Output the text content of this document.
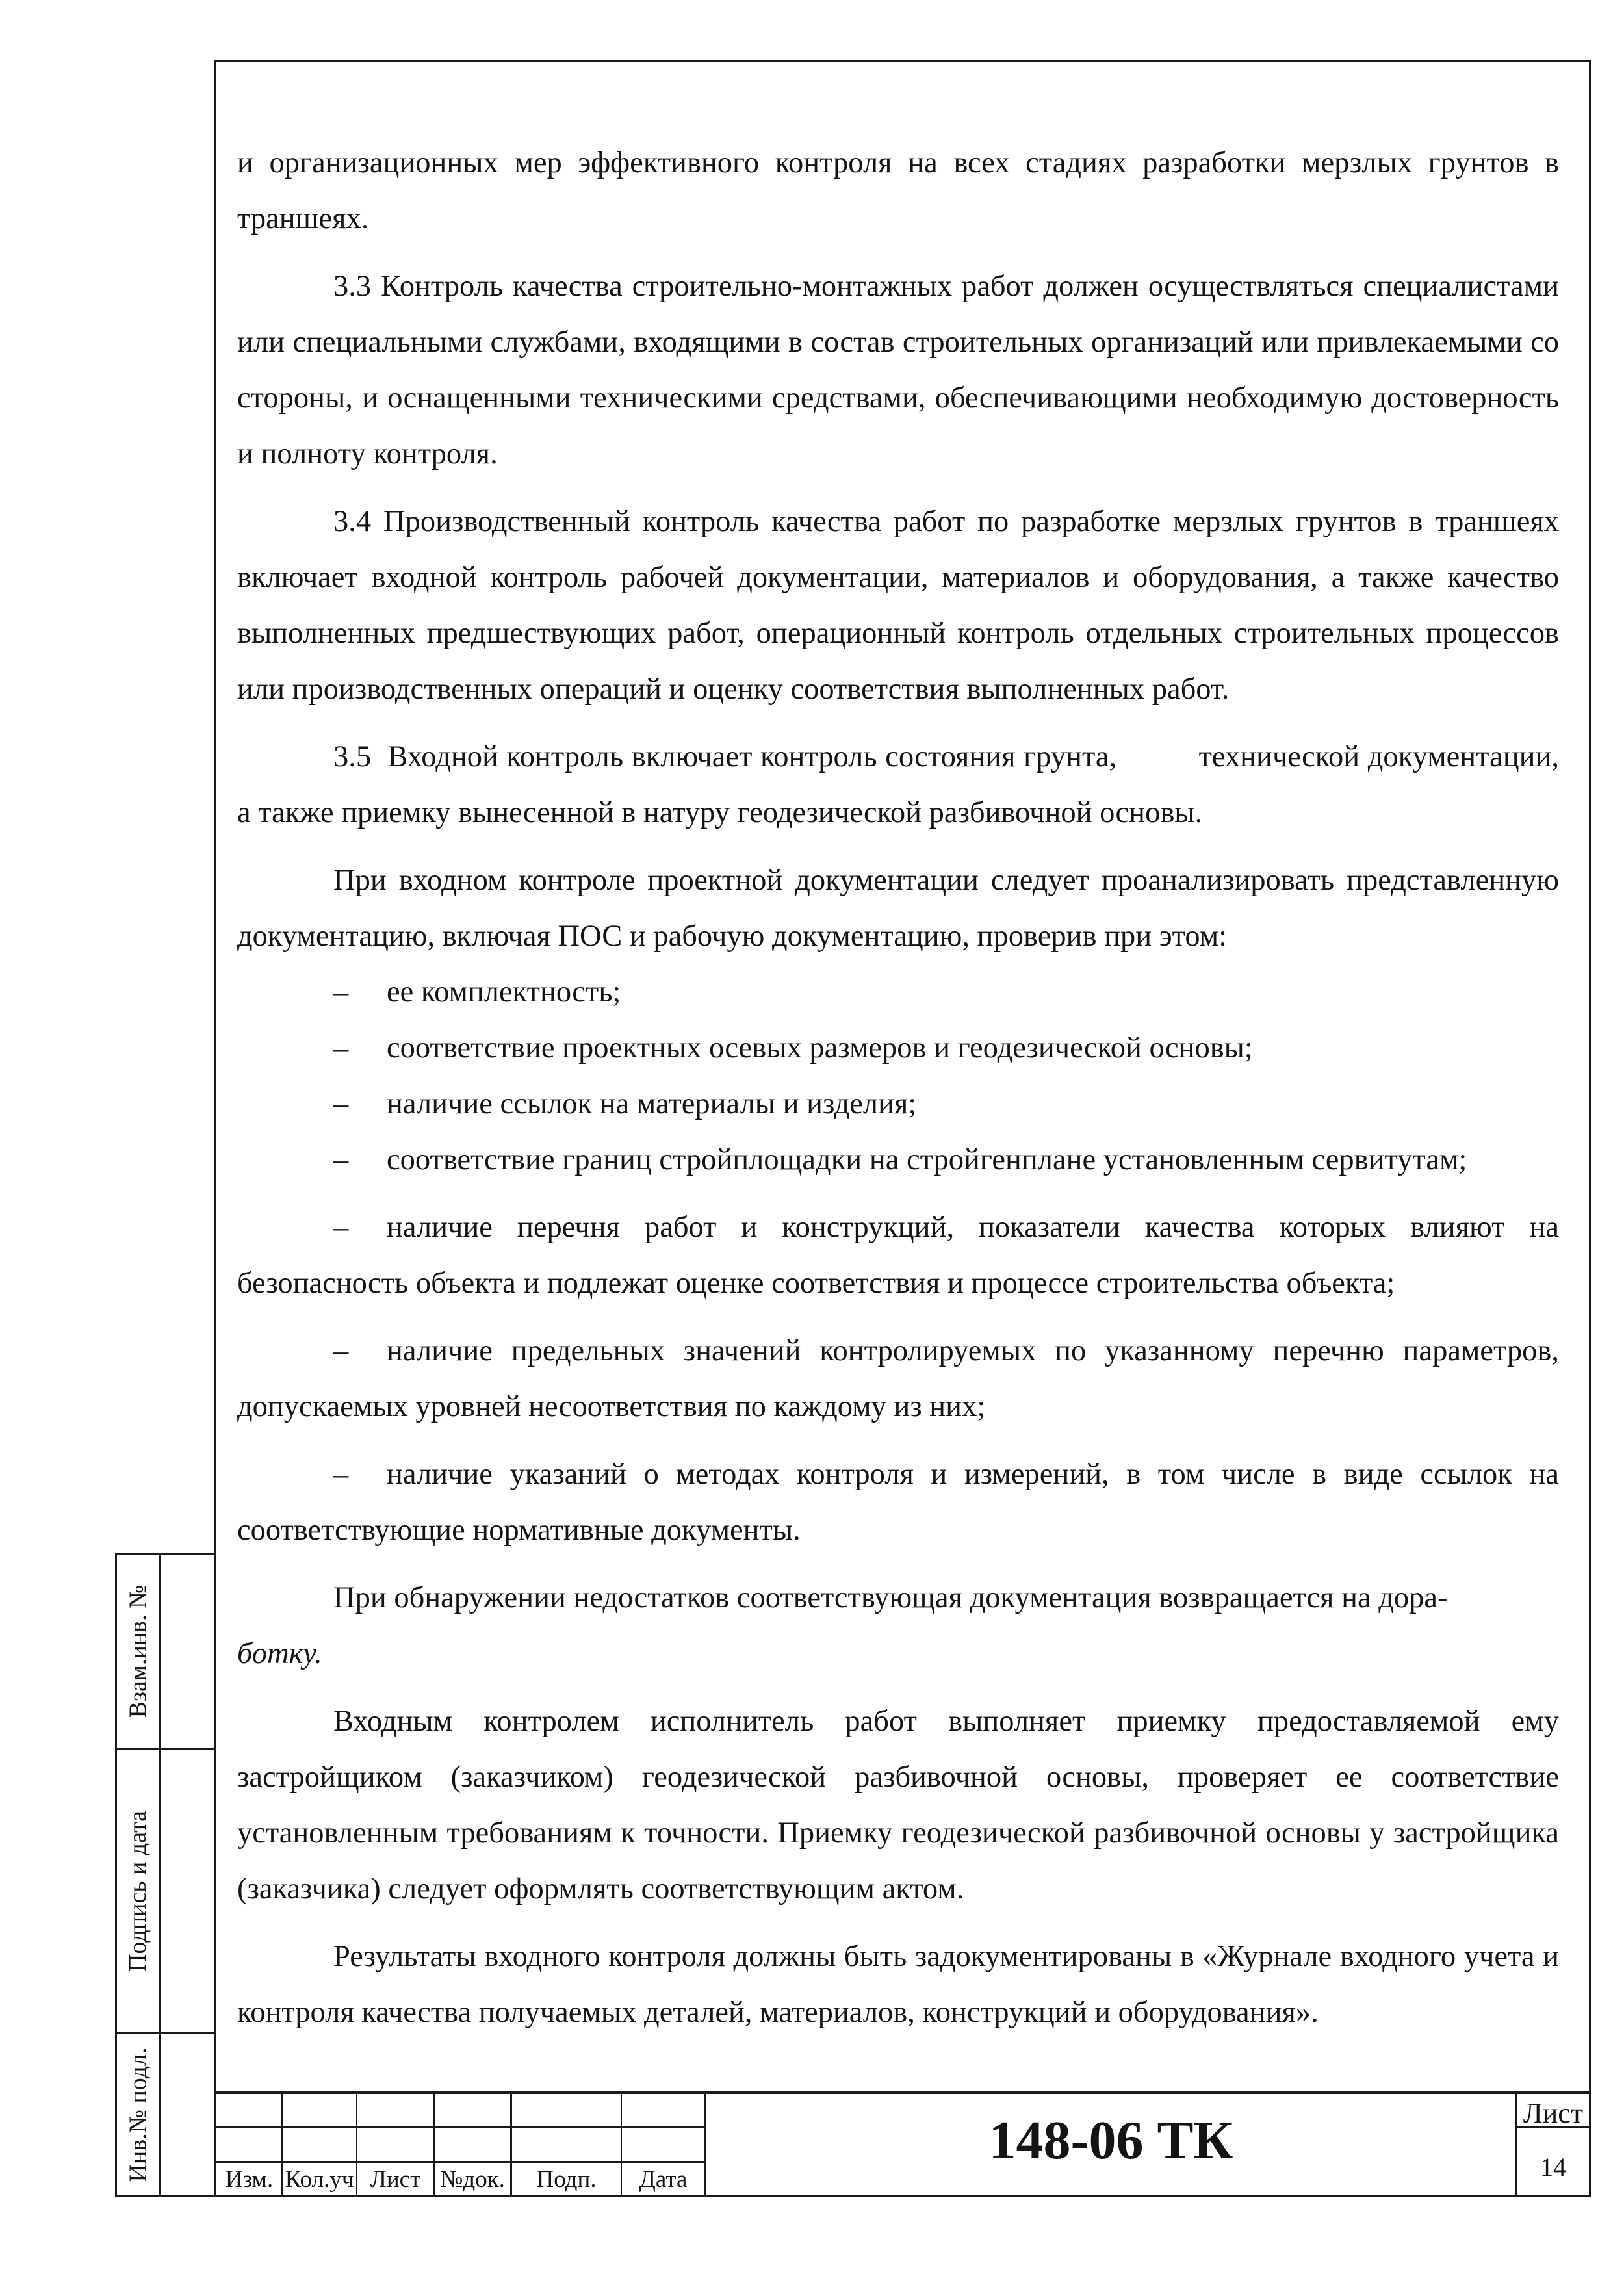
и организационных мер эффективного контроля на всех стадиях разработки мерзлых грунтов в траншеях.

3.3 Контроль качества строительно-монтажных работ должен осуществляться специалистами или специальными службами, входящими в состав строительных организаций или привлекаемыми со стороны, и оснащенными техническими средствами, обеспечивающими необходимую достоверность и полноту контроля.

3.4 Производственный контроль качества работ по разработке мерзлых грунтов в траншеях включает входной контроль рабочей документации, материалов и оборудования, а также качество выполненных предшествующих работ, операционный контроль отдельных строительных процессов или производственных операций и оценку соответствия выполненных работ.

3.5  Входной контроль включает контроль состояния грунта,          технической документации, а также приемку вынесенной в натуру геодезической разбивочной основы.

При входном контроле проектной документации следует проанализировать представленную документацию, включая ПОС и рабочую документацию, проверив при этом:

– ее комплектность;

– соответствие проектных осевых размеров и геодезической основы;

– наличие ссылок на материалы и изделия;

– соответствие границ стройплощадки на стройгенплане установленным сервитутам;

– наличие перечня работ и конструкций, показатели качества которых влияют на безопасность объекта и подлежат оценке соответствия и процессе строительства объекта;

– наличие предельных значений контролируемых по указанному перечню параметров, допускаемых уровней несоответствия по каждому из них;

– наличие указаний о методах контроля и измерений, в том числе в виде ссылок на соответствующие нормативные документы.

При обнаружении недостатков соответствующая документация возвращается на дора-
ботку.

Входным контролем исполнитель работ выполняет приемку предоставляемой ему застройщиком (заказчиком) геодезической разбивочной основы, проверяет ее соответствие установленным требованиям к точности. Приемку геодезической разбивочной основы у застройщика (заказчика) следует оформлять соответствующим актом.

Результаты входного контроля должны быть задокументированы в «Журнале входного учета и контроля качества получаемых деталей, материалов, конструкций и оборудования».

Взам.инв. №
Подпись и дата
Инв.№ подл.	Изм. Кол.уч Лист №док.	Подп.	Дата
148-06 ТК	Лист
14
